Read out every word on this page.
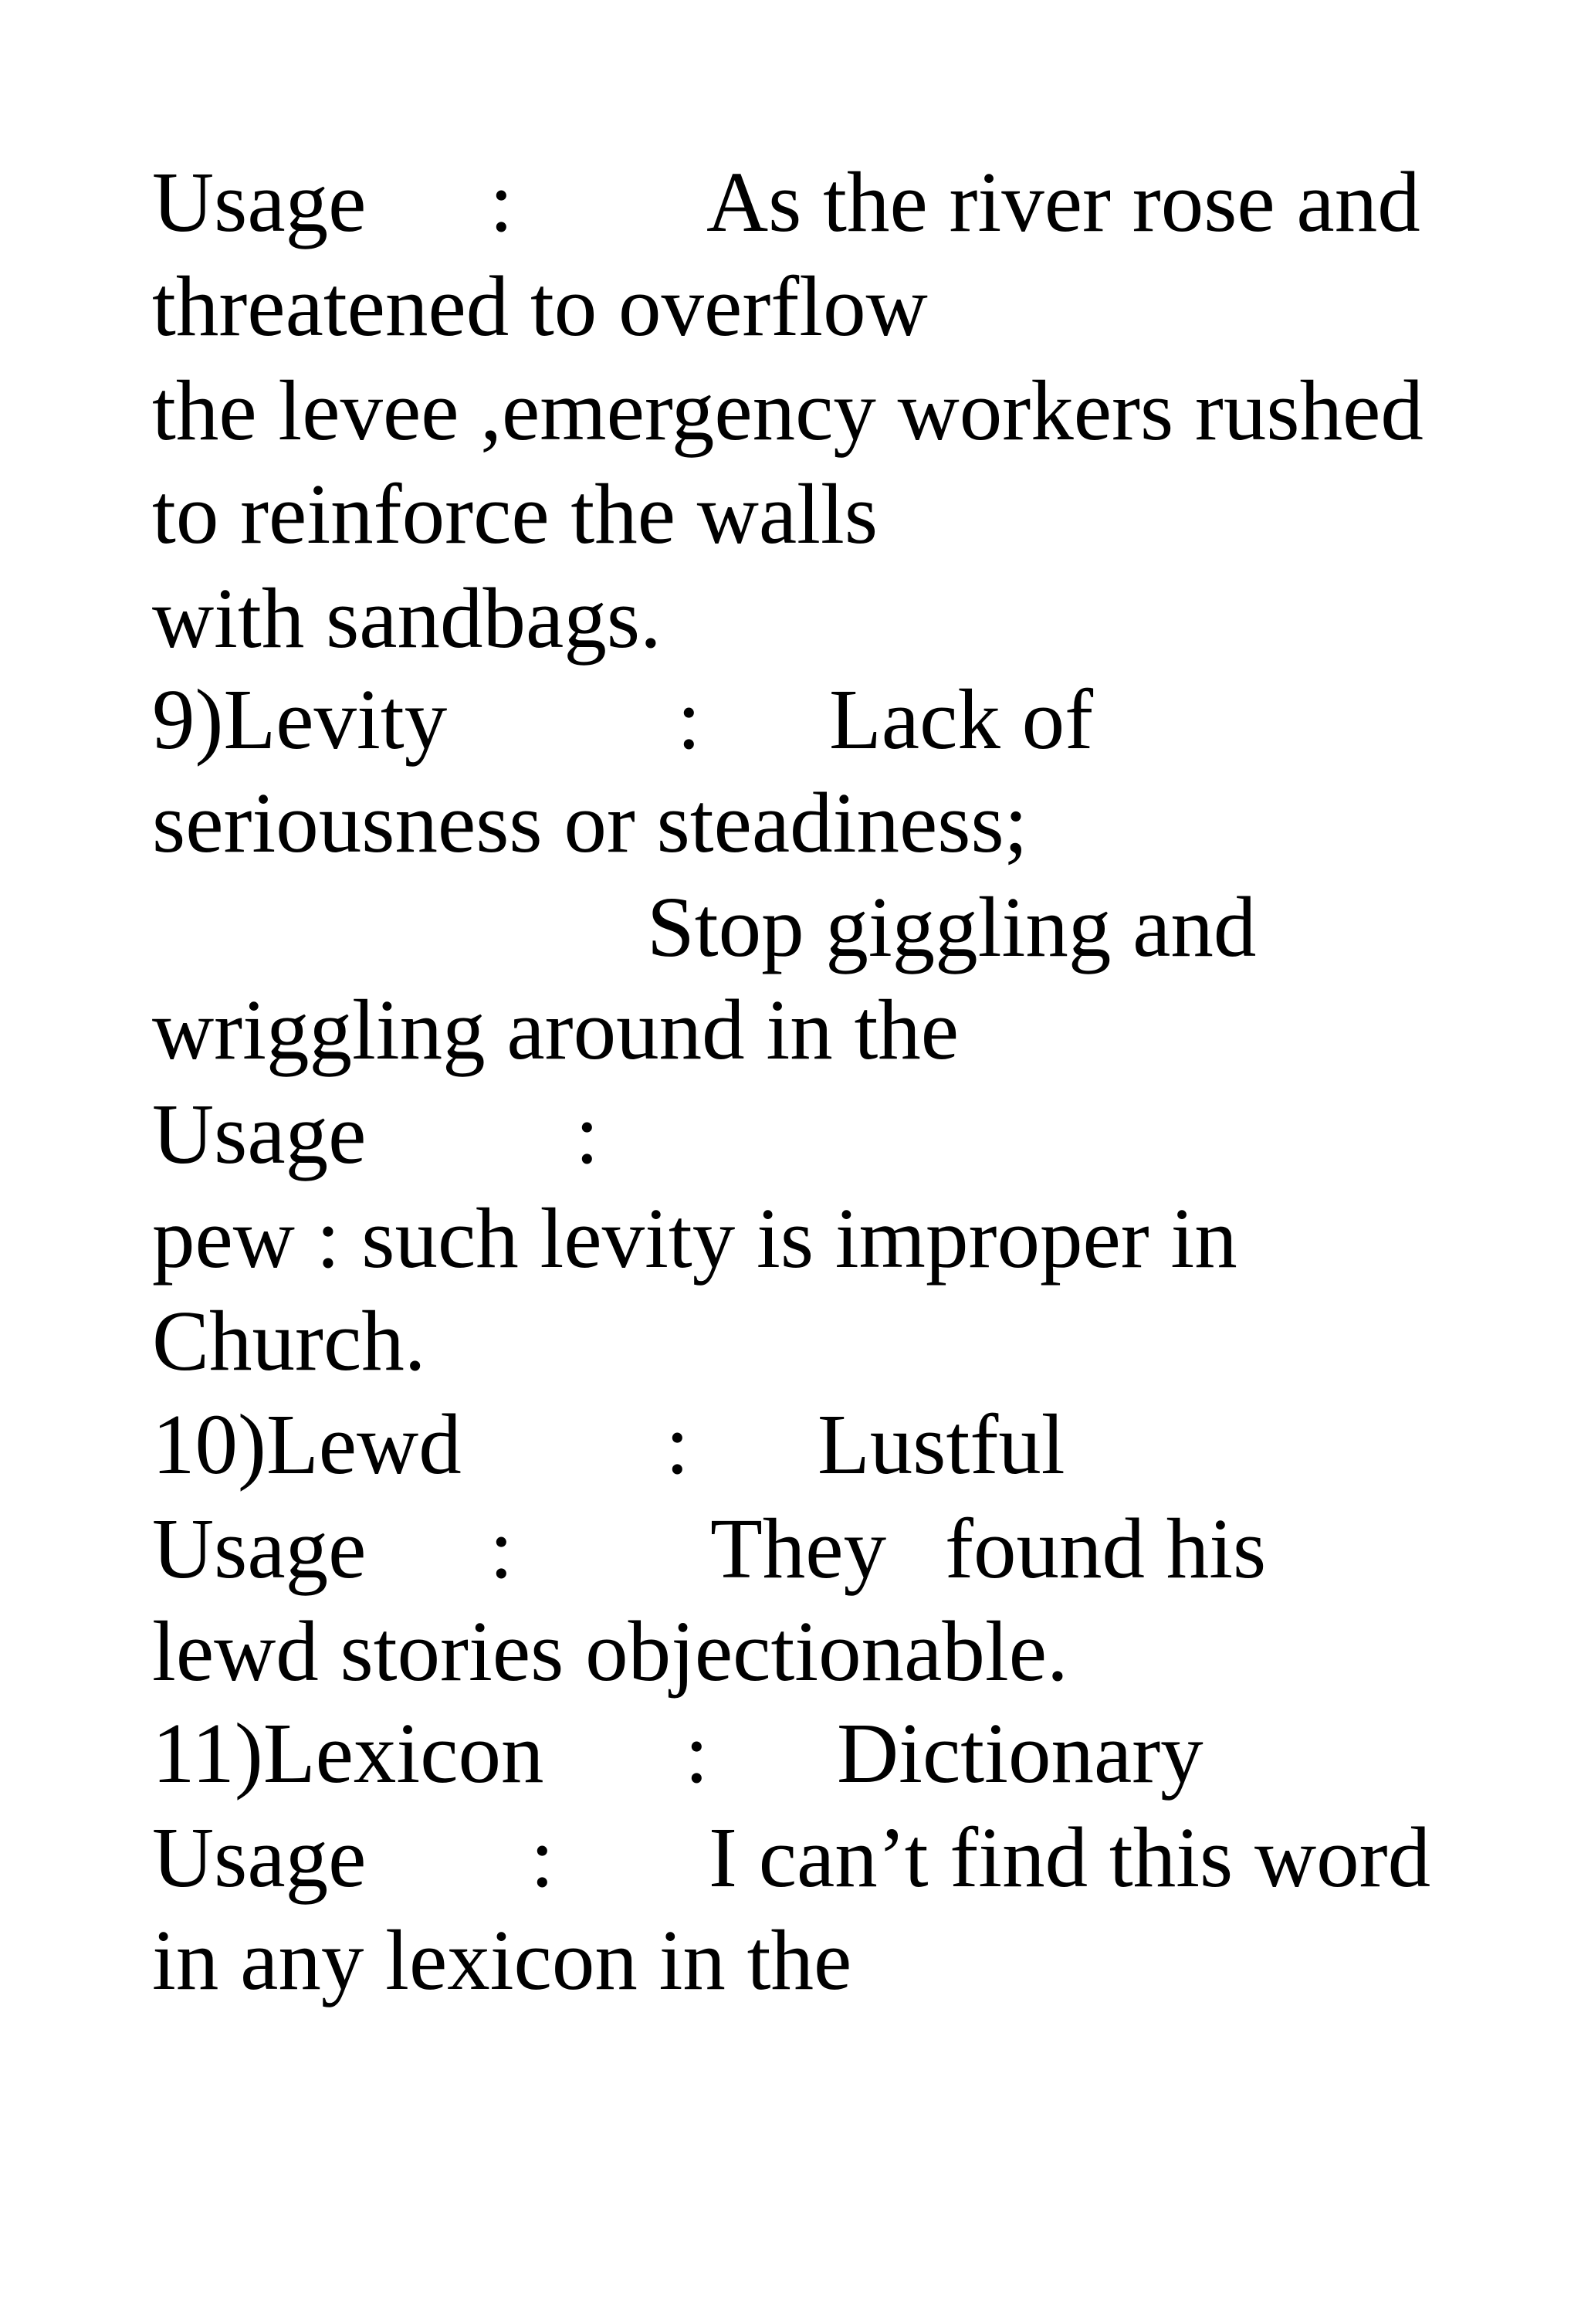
Usage

:

As the river rose and

threatened to overflow
the levee ,emergency workers rushed
to reinforce the walls
with sandbags.

9)Levity

	:

Lack of

seriousness or steadiness;

Stop giggling and

wriggling around in the

Usage

:

pew : such levity is improper in
Church.

10)Lewd

:

Lustful

Usage

:

They

found his

lewd stories objectionable.

11)Lexicon

:

Dictionary

Usage

:

I can’t find this word

in any lexicon in the
